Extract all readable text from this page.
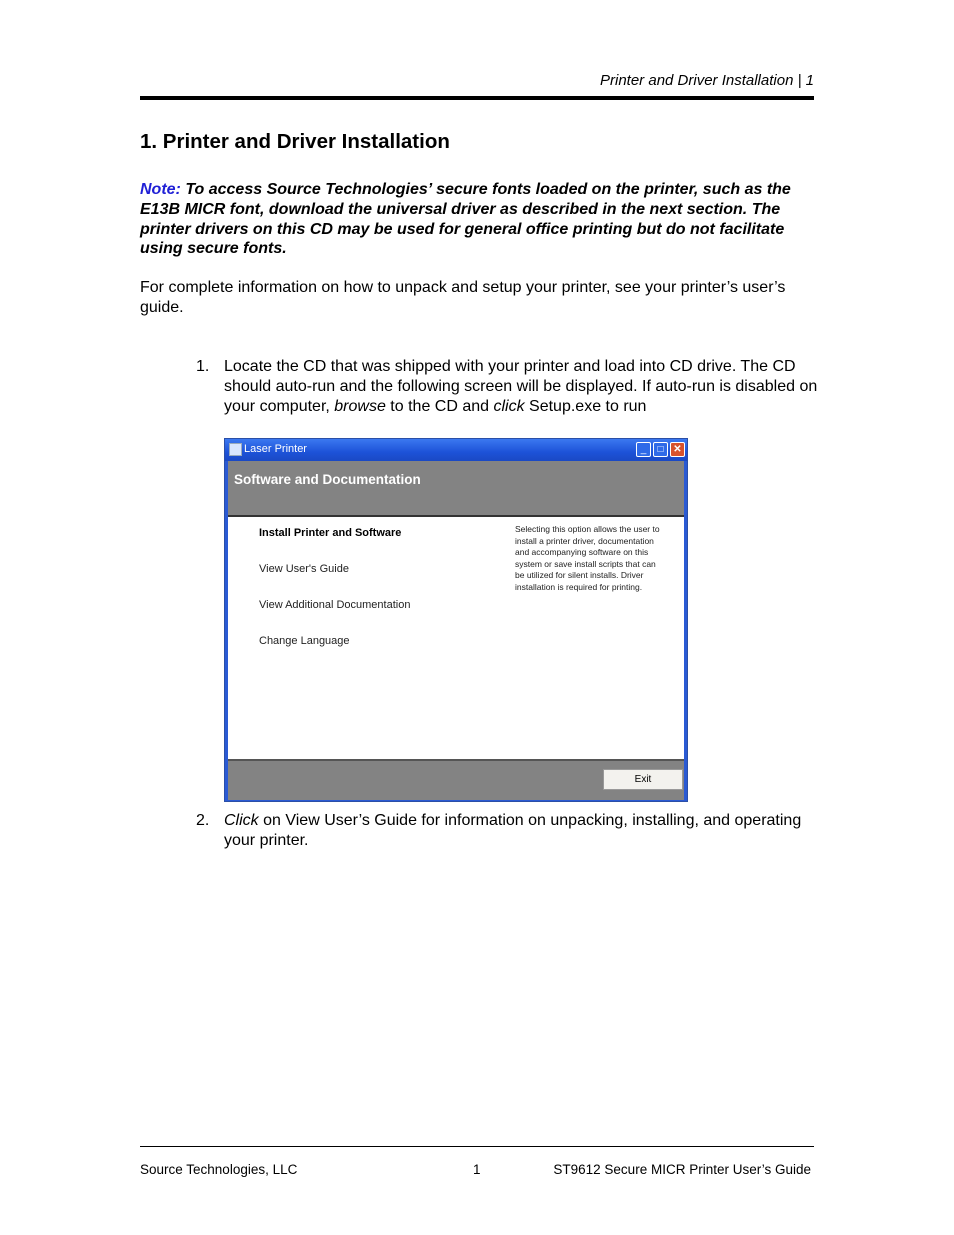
Printer and Driver Installation | 1
1. Printer and Driver Installation
Note: To access Source Technologies’ secure fonts loaded on the printer, such as the E13B MICR font, download the universal driver as described in the next section. The printer drivers on this CD may be used for general office printing but do not facilitate using secure fonts.
For complete information on how to unpack and setup your printer, see your printer’s user’s guide.
1. Locate the CD that was shipped with your printer and load into CD drive. The CD should auto-run and the following screen will be displayed. If auto-run is disabled on your computer, browse to the CD and click Setup.exe to run
Laser Printer	_	□ ✕
Software and Documentation
Install Printer and Software
View User's Guide
View Additional Documentation
Change Language
Selecting this option allows the user to install a printer driver, documentation and accompanying software on this system or save install scripts that can be utilized for silent installs. Driver installation is required for printing.
Exit
2. Click on View User’s Guide for information on unpacking, installing, and operating your printer.
Source Technologies, LLC	1	ST9612 Secure MICR Printer User’s Guide
